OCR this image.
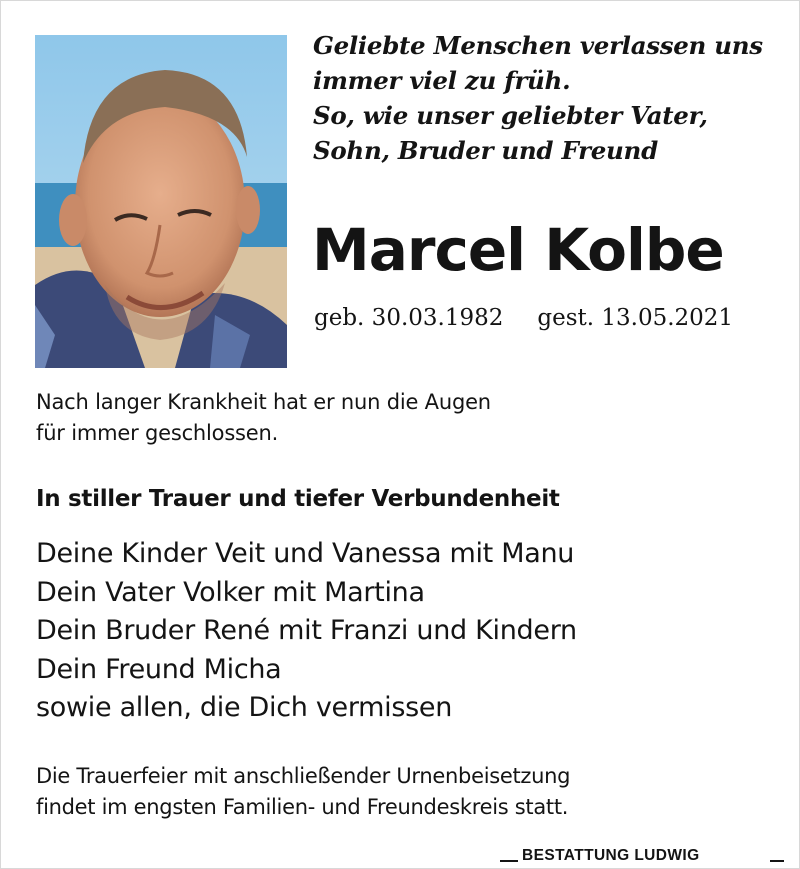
Geliebte Menschen verlassen uns
immer viel zu früh.
So, wie unser geliebter Vater,
Sohn, Bruder und Freund
Marcel Kolbe
geb. 30.03.1982 gest. 13.05.2021
Nach langer Krankheit hat er nun die Augen
für immer geschlossen.
In stiller Trauer und tiefer Verbundenheit
Deine Kinder Veit und Vanessa mit Manu
Dein Vater Volker mit Martina
Dein Bruder René mit Franzi und Kindern
Dein Freund Micha
sowie allen, die Dich vermissen
Die Trauerfeier mit anschließender Urnenbeisetzung
findet im engsten Familien- und Freundeskreis statt.
BESTATTUNG LUDWIG
